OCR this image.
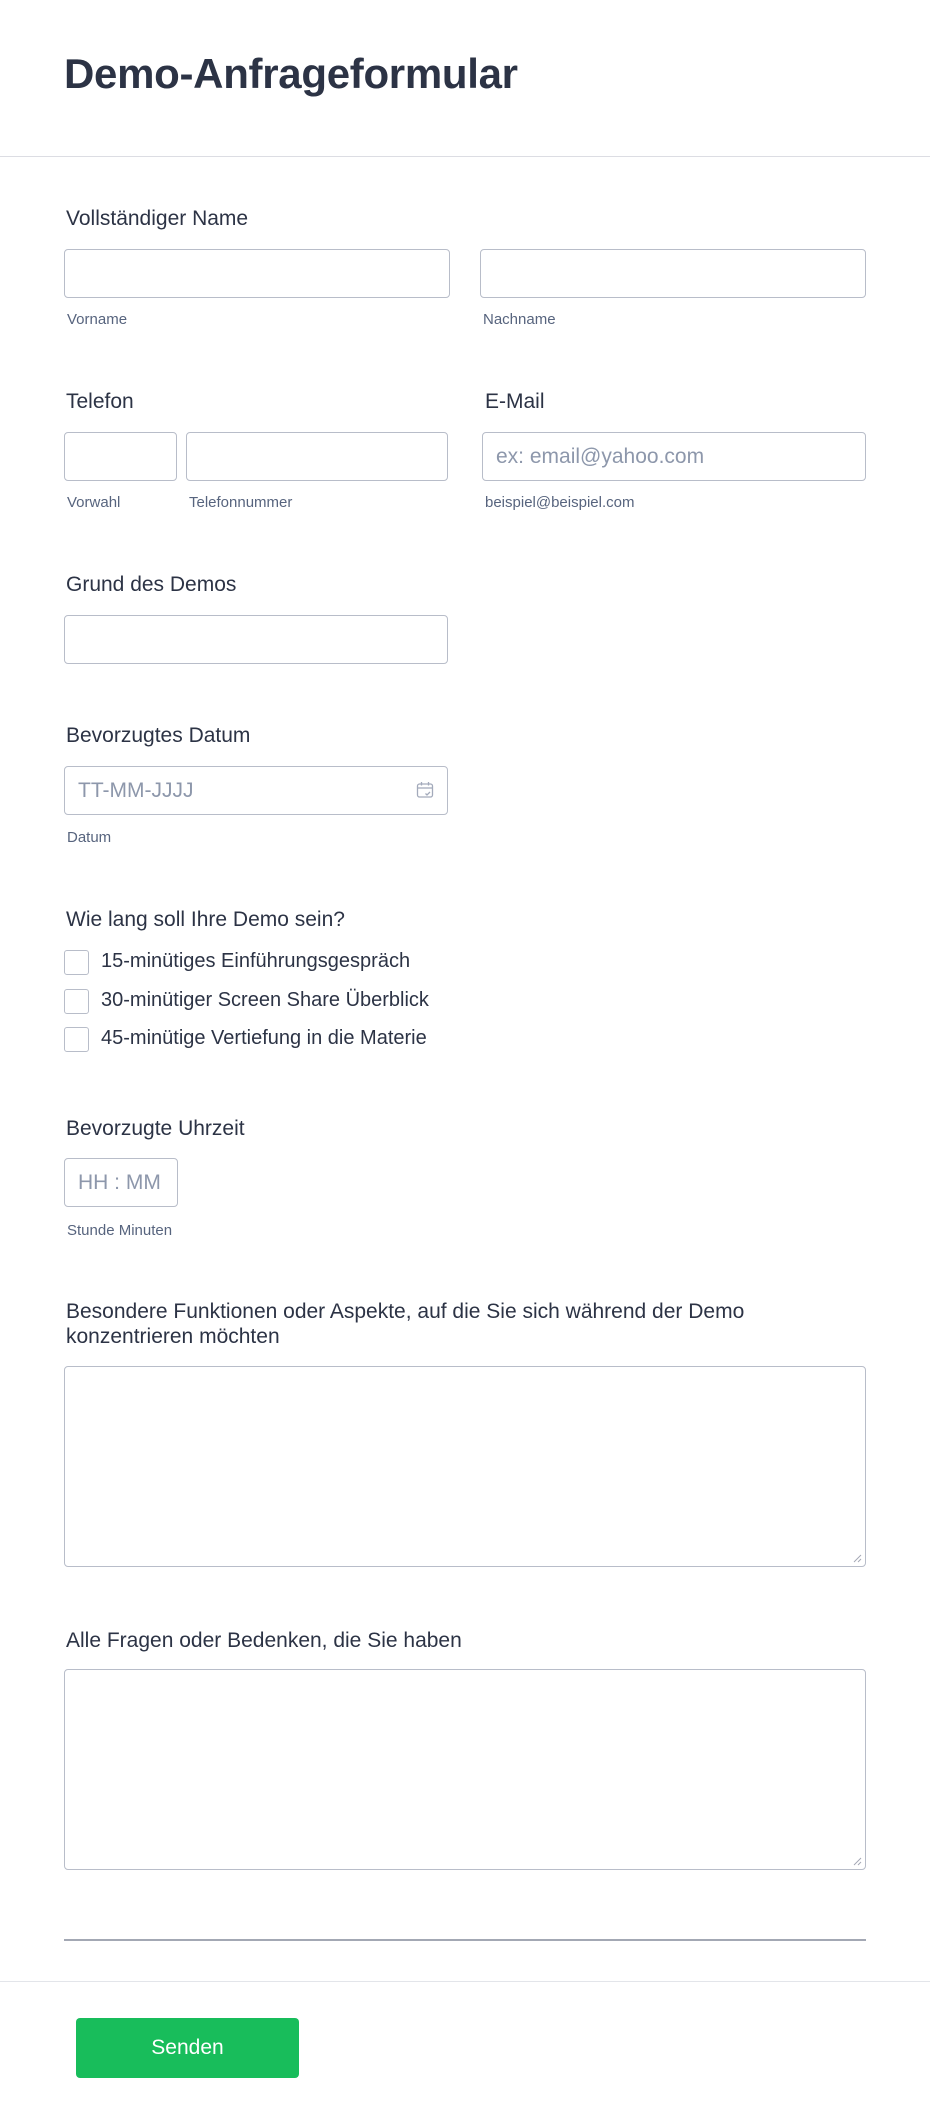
Demo-Anfrageformular
Vollständiger Name
Vorname	Nachname
Telefon
Vorwahl	Telefonnummer
E-Mail
ex: email@yahoo.com
beispiel@beispiel.com
Grund des Demos
Bevorzugtes Datum
TT-MM-JJJJ
Datum
Wie lang soll Ihre Demo sein?
15-minütiges Einführungsgespräch
30-minütiger Screen Share Überblick
45-minütige Vertiefung in die Materie
Bevorzugte Uhrzeit
HH : MM
Stunde Minuten
Besondere Funktionen oder Aspekte, auf die Sie sich während der Demo
konzentrieren möchten
Alle Fragen oder Bedenken, die Sie haben
Senden
